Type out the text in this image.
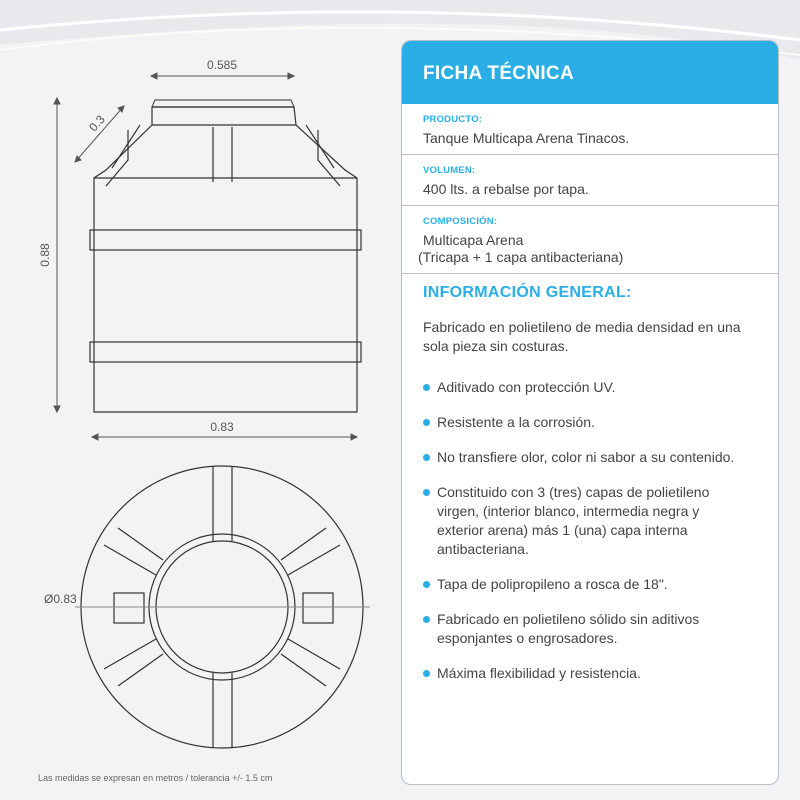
0.585
0.3
0.88
0.83
Ø0.83
Las medidas se expresan en metros / tolerancia +/- 1.5 cm
FICHA TÉCNICA
PRODUCTO:
Tanque Multicapa Arena Tinacos.
VOLUMEN:
400 lts. a rebalse por tapa.
COMPOSICIÓN:
Multicapa Arena
(Tricapa + 1 capa antibacteriana)
INFORMACIÓN GENERAL:
Fabricado en polietileno de media densidad en una sola pieza sin costuras.
Aditivado con protección UV.
Resistente a la corrosión.
No transfiere olor, color ni sabor a su contenido.
Constituido con 3 (tres) capas de polietileno virgen, (interior blanco, intermedia negra y exterior arena) más 1 (una) capa interna antibacteriana.
Tapa de polipropileno a rosca de 18".
Fabricado en polietileno sólido sin aditivos esponjantes o engrosadores.
Máxima flexibilidad y resistencia.
